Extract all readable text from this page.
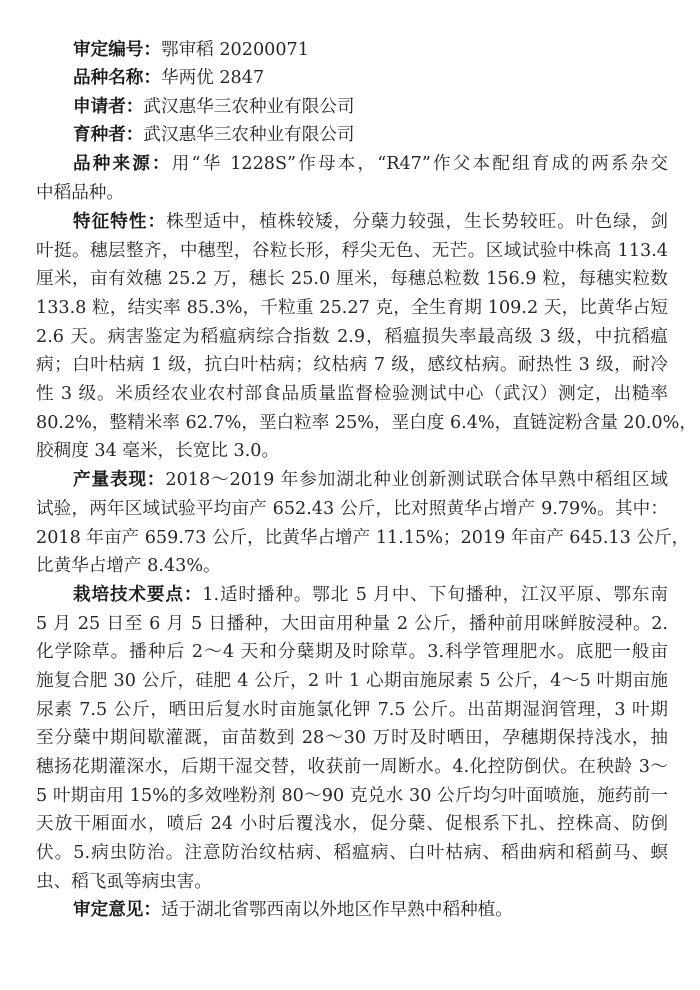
审定编号：鄂审稻 20200071
品种名称：华两优 2847
申请者：武汉惠华三农种业有限公司
育种者：武汉惠华三农种业有限公司
品种来源：用“华 1228S”作母本，“R47”作父本配组育成的两系杂交
中稻品种。
特征特性：株型适中，植株较矮，分蘖力较强，生长势较旺。叶色绿，剑
叶挺。穗层整齐，中穗型，谷粒长形，稃尖无色、无芒。区域试验中株高 113.4
厘米，亩有效穗 25.2 万，穗长 25.0 厘米，每穗总粒数 156.9 粒，每穗实粒数
133.8 粒，结实率 85.3%，千粒重 25.27 克，全生育期 109.2 天，比黄华占短
2.6 天。病害鉴定为稻瘟病综合指数 2.9，稻瘟损失率最高级 3 级，中抗稻瘟
病；白叶枯病 1 级，抗白叶枯病；纹枯病 7 级，感纹枯病。耐热性 3 级，耐冷
性 3 级。米质经农业农村部食品质量监督检验测试中心（武汉）测定，出糙率
80.2%，整精米率 62.7%，垩白粒率 25%，垩白度 6.4%，直链淀粉含量 20.0%，
胶稠度 34 毫米，长宽比 3.0。
产量表现：2018～2019 年参加湖北种业创新测试联合体早熟中稻组区域
试验，两年区域试验平均亩产 652.43 公斤，比对照黄华占增产 9.79%。其中：
2018 年亩产 659.73 公斤，比黄华占增产 11.15%；2019 年亩产 645.13 公斤，
比黄华占增产 8.43%。
栽培技术要点：1.适时播种。鄂北 5 月中、下旬播种，江汉平原、鄂东南
5 月 25 日至 6 月 5 日播种，大田亩用种量 2 公斤，播种前用咪鲜胺浸种。2.
化学除草。播种后 2～4 天和分蘖期及时除草。3.科学管理肥水。底肥一般亩
施复合肥 30 公斤，硅肥 4 公斤，2 叶 1 心期亩施尿素 5 公斤，4～5 叶期亩施
尿素 7.5 公斤，晒田后复水时亩施氯化钾 7.5 公斤。出苗期湿润管理，3 叶期
至分蘖中期间歇灌溉，亩苗数到 28～30 万时及时晒田，孕穗期保持浅水，抽
穗扬花期灌深水，后期干湿交替，收获前一周断水。4.化控防倒伏。在秧龄 3～
5 叶期亩用 15%的多效唑粉剂 80～90 克兑水 30 公斤均匀叶面喷施，施药前一
天放干厢面水，喷后 24 小时后覆浅水，促分蘖、促根系下扎、控株高、防倒
伏。5.病虫防治。注意防治纹枯病、稻瘟病、白叶枯病、稻曲病和稻蓟马、螟
虫、稻飞虱等病虫害。
审定意见：适于湖北省鄂西南以外地区作早熟中稻种植。
